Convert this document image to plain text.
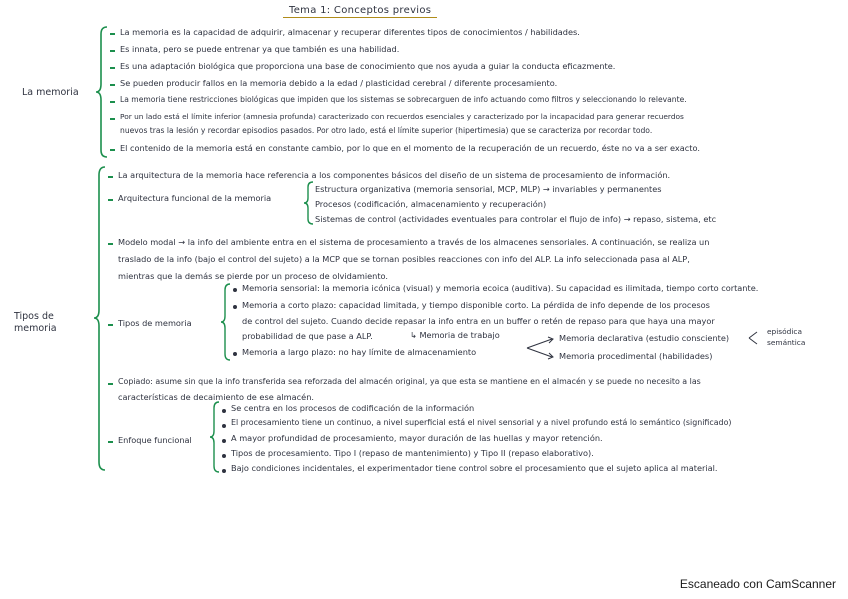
Tema 1: Conceptos previos
La memoria
La memoria es la capacidad de adquirir, almacenar y recuperar diferentes tipos de conocimientos / habilidades.
Es innata, pero se puede entrenar ya que también es una habilidad.
Es una adaptación biológica que proporciona una base de conocimiento que nos ayuda a guiar la conducta eficazmente.
Se pueden producir fallos en la memoria debido a la edad / plasticidad cerebral / diferente procesamiento.
La memoria tiene restricciones biológicas que impiden que los sistemas se sobrecarguen de info actuando como filtros y seleccionando lo relevante.
Por un lado está el límite inferior (amnesia profunda) caracterizado con recuerdos esenciales y caracterizado por la incapacidad para generar recuerdos
nuevos tras la lesión y recordar episodios pasados. Por otro lado, está el límite superior (hipertimesia) que se caracteriza por recordar todo.
El contenido de la memoria está en constante cambio, por lo que en el momento de la recuperación de un recuerdo, éste no va a ser exacto.
Tipos de
memoria
La arquitectura de la memoria hace referencia a los componentes básicos del diseño de un sistema de procesamiento de información.
Arquitectura funcional de la memoria
Estructura organizativa (memoria sensorial, MCP, MLP) → invariables y permanentes
Procesos (codificación, almacenamiento y recuperación)
Sistemas de control (actividades eventuales para controlar el flujo de info) → repaso, sistema, etc
Modelo modal → la info del ambiente entra en el sistema de procesamiento a través de los almacenes sensoriales. A continuación, se realiza un
traslado de la info (bajo el control del sujeto) a la MCP que se tornan posibles reacciones con info del ALP. La info seleccionada pasa al ALP,
mientras que la demás se pierde por un proceso de olvidamiento.
Tipos de memoria
Memoria sensorial: la memoria icónica (visual) y memoria ecoica (auditiva). Su capacidad es ilimitada, tiempo corto cortante.
Memoria a corto plazo: capacidad limitada, y tiempo disponible corto. La pérdida de info depende de los procesos
de control del sujeto. Cuando decide repasar la info entra en un buffer o retén de repaso para que haya una mayor
probabilidad de que pase a ALP.	↳ Memoria de trabajo
Memoria a largo plazo: no hay límite de almacenamiento
Memoria declarativa (estudio consciente)
episódica
semántica
Memoria procedimental (habilidades)
Copiado: asume sin que la info transferida sea reforzada del almacén original, ya que esta se mantiene en el almacén y se puede no necesito a las
características de decaimiento de ese almacén.
Enfoque funcional
Se centra en los procesos de codificación de la información
El procesamiento tiene un continuo, a nivel superficial está el nivel sensorial y a nivel profundo está lo semántico (significado)
A mayor profundidad de procesamiento, mayor duración de las huellas y mayor retención.
Tipos de procesamiento. Tipo I (repaso de mantenimiento) y Tipo II (repaso elaborativo).
Bajo condiciones incidentales, el experimentador tiene control sobre el procesamiento que el sujeto aplica al material.
Escaneado con CamScanner
